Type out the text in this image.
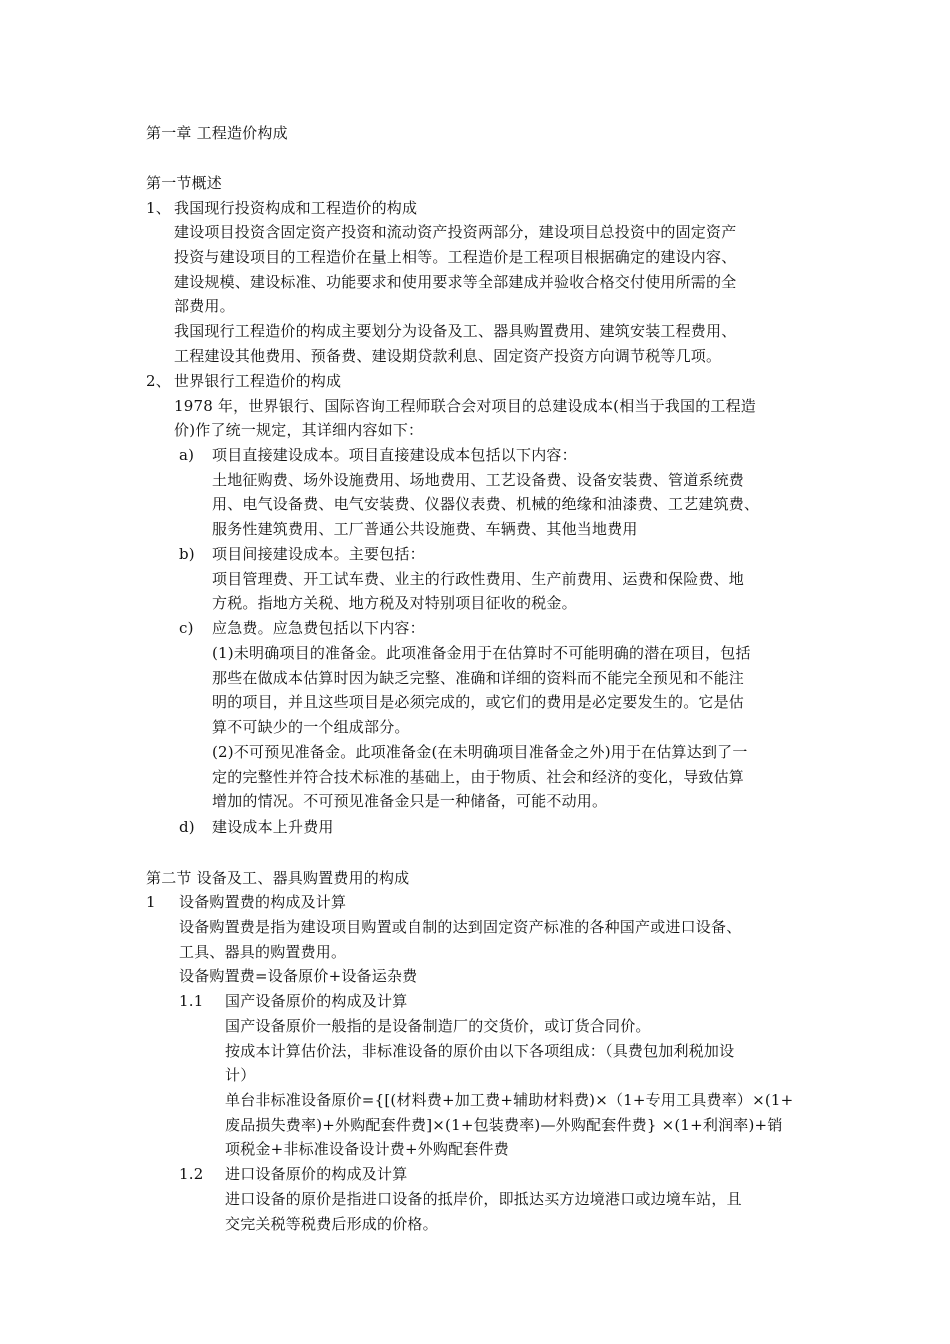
第一章 工程造价构成
第一节概述
1、 我国现行投资构成和工程造价的构成
建设项目投资含固定资产投资和流动资产投资两部分，建设项目总投资中的固定资产
投资与建设项目的工程造价在量上相等。工程造价是工程项目根据确定的建设内容、
建设规模、建设标准、功能要求和使用要求等全部建成并验收合格交付使用所需的全
部费用。
我国现行工程造价的构成主要划分为设备及工、器具购置费用、建筑安装工程费用、
工程建设其他费用、预备费、建设期贷款利息、固定资产投资方向调节税等几项。
2、 世界银行工程造价的构成
1978 年，世界银行、国际咨询工程师联合会对项目的总建设成本(相当于我国的工程造
价)作了统一规定，其详细内容如下：
a) 项目直接建设成本。项目直接建设成本包括以下内容：
土地征购费、场外设施费用、场地费用、工艺设备费、设备安装费、管道系统费
用、电气设备费、电气安装费、仪器仪表费、机械的绝缘和油漆费、工艺建筑费、
服务性建筑费用、工厂普通公共设施费、车辆费、其他当地费用
b) 项目间接建设成本。主要包括：
项目管理费、开工试车费、业主的行政性费用、生产前费用、运费和保险费、地
方税。指地方关税、地方税及对特别项目征收的税金。
c) 应急费。应急费包括以下内容：
(1)未明确项目的准备金。此项准备金用于在估算时不可能明确的潜在项目，包括
那些在做成本估算时因为缺乏完整、准确和详细的资料而不能完全预见和不能注
明的项目，并且这些项目是必须完成的，或它们的费用是必定要发生的。它是估
算不可缺少的一个组成部分。
(2)不可预见准备金。此项准备金(在未明确项目准备金之外)用于在估算达到了一
定的完整性并符合技术标准的基础上，由于物质、社会和经济的变化，导致估算
增加的情况。不可预见准备金只是一种储备，可能不动用。
d) 建设成本上升费用
第二节 设备及工、器具购置费用的构成
1 设备购置费的构成及计算
设备购置费是指为建设项目购置或自制的达到固定资产标准的各种国产或进口设备、
工具、器具的购置费用。
设备购置费=设备原价+设备运杂费
1.1 国产设备原价的构成及计算
国产设备原价一般指的是设备制造厂的交货价，或订货合同价。
按成本计算估价法，非标准设备的原价由以下各项组成：（具费包加利税加设
计）
单台非标准设备原价={[(材料费+加工费+辅助材料费)×（1+专用工具费率）×(1+
废品损失费率)+外购配套件费]×(1+包装费率)—外购配套件费} ×(1+利润率)+销
项税金+非标准设备设计费+外购配套件费
1.2 进口设备原价的构成及计算
进口设备的原价是指进口设备的抵岸价，即抵达买方边境港口或边境车站，且
交完关税等税费后形成的价格。
